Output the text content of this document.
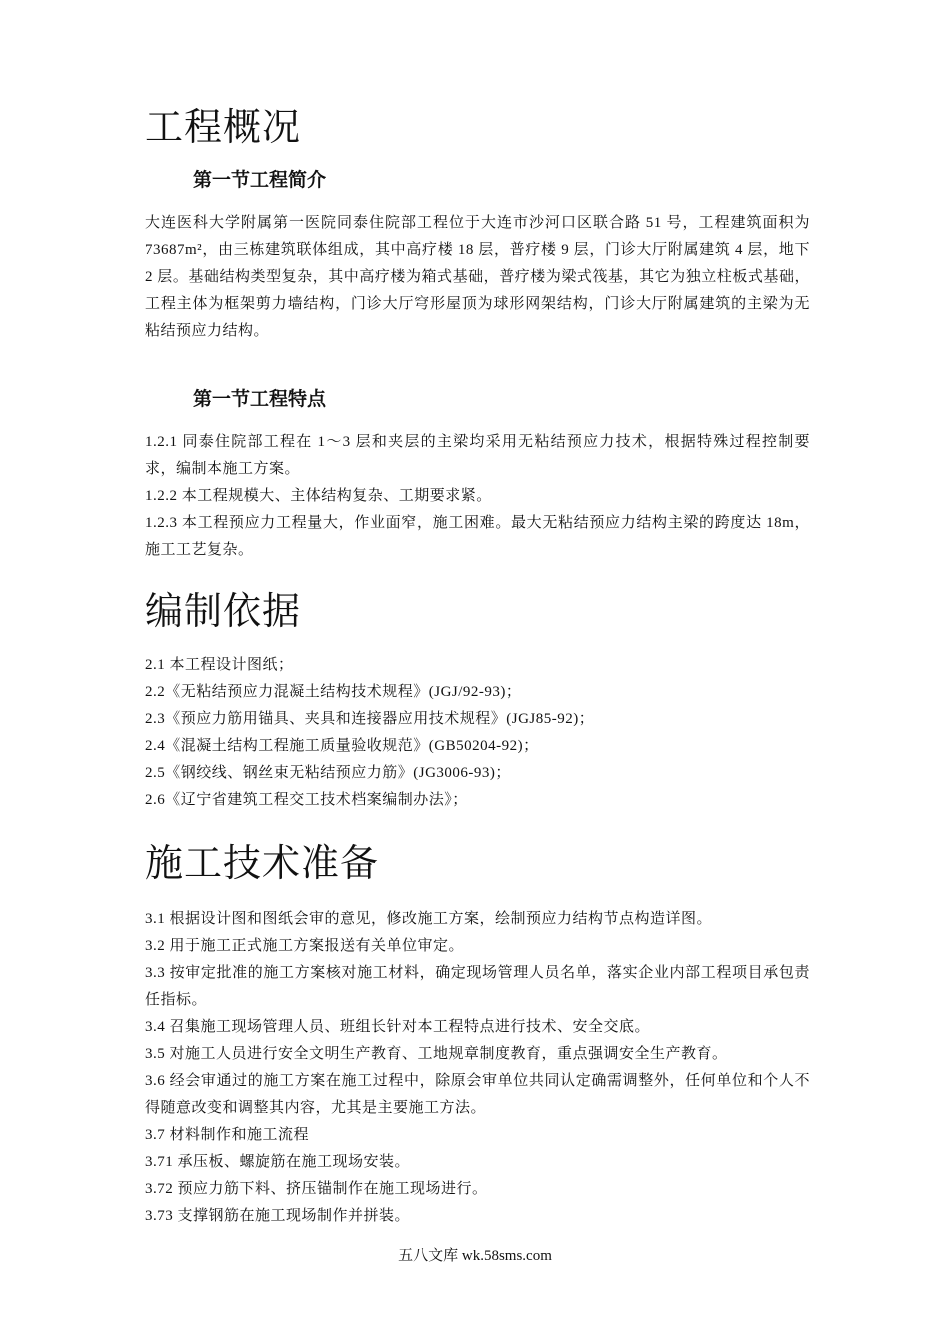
工程概况
第一节工程简介
大连医科大学附属第一医院同泰住院部工程位于大连市沙河口区联合路 51 号，工程建筑面积为 73687m²，由三栋建筑联体组成，其中高疗楼 18 层，普疗楼 9 层，门诊大厅附属建筑 4 层，地下 2 层。基础结构类型复杂，其中高疗楼为箱式基础，普疗楼为梁式筏基，其它为独立柱板式基础，工程主体为框架剪力墙结构，门诊大厅穹形屋顶为球形网架结构，门诊大厅附属建筑的主梁为无粘结预应力结构。
第一节工程特点
1.2.1 同泰住院部工程在 1～3 层和夹层的主梁均采用无粘结预应力技术，根据特殊过程控制要求，编制本施工方案。
1.2.2 本工程规模大、主体结构复杂、工期要求紧。
1.2.3 本工程预应力工程量大，作业面窄，施工困难。最大无粘结预应力结构主梁的跨度达 18m，施工工艺复杂。
编制依据
2.1 本工程设计图纸；
2.2《无粘结预应力混凝土结构技术规程》(JGJ/92-93)；
2.3《预应力筋用锚具、夹具和连接器应用技术规程》(JGJ85-92)；
2.4《混凝土结构工程施工质量验收规范》(GB50204-92)；
2.5《钢绞线、钢丝束无粘结预应力筋》(JG3006-93)；
2.6《辽宁省建筑工程交工技术档案编制办法》；
施工技术准备
3.1 根据设计图和图纸会审的意见，修改施工方案，绘制预应力结构节点构造详图。
3.2 用于施工正式施工方案报送有关单位审定。
3.3 按审定批准的施工方案核对施工材料，确定现场管理人员名单，落实企业内部工程项目承包责任指标。
3.4 召集施工现场管理人员、班组长针对本工程特点进行技术、安全交底。
3.5 对施工人员进行安全文明生产教育、工地规章制度教育，重点强调安全生产教育。
3.6 经会审通过的施工方案在施工过程中，除原会审单位共同认定确需调整外，任何单位和个人不得随意改变和调整其内容，尤其是主要施工方法。
3.7 材料制作和施工流程
3.71 承压板、螺旋筋在施工现场安装。
3.72 预应力筋下料、挤压锚制作在施工现场进行。
3.73 支撑钢筋在施工现场制作并拼装。
五八文库 wk.58sms.com
